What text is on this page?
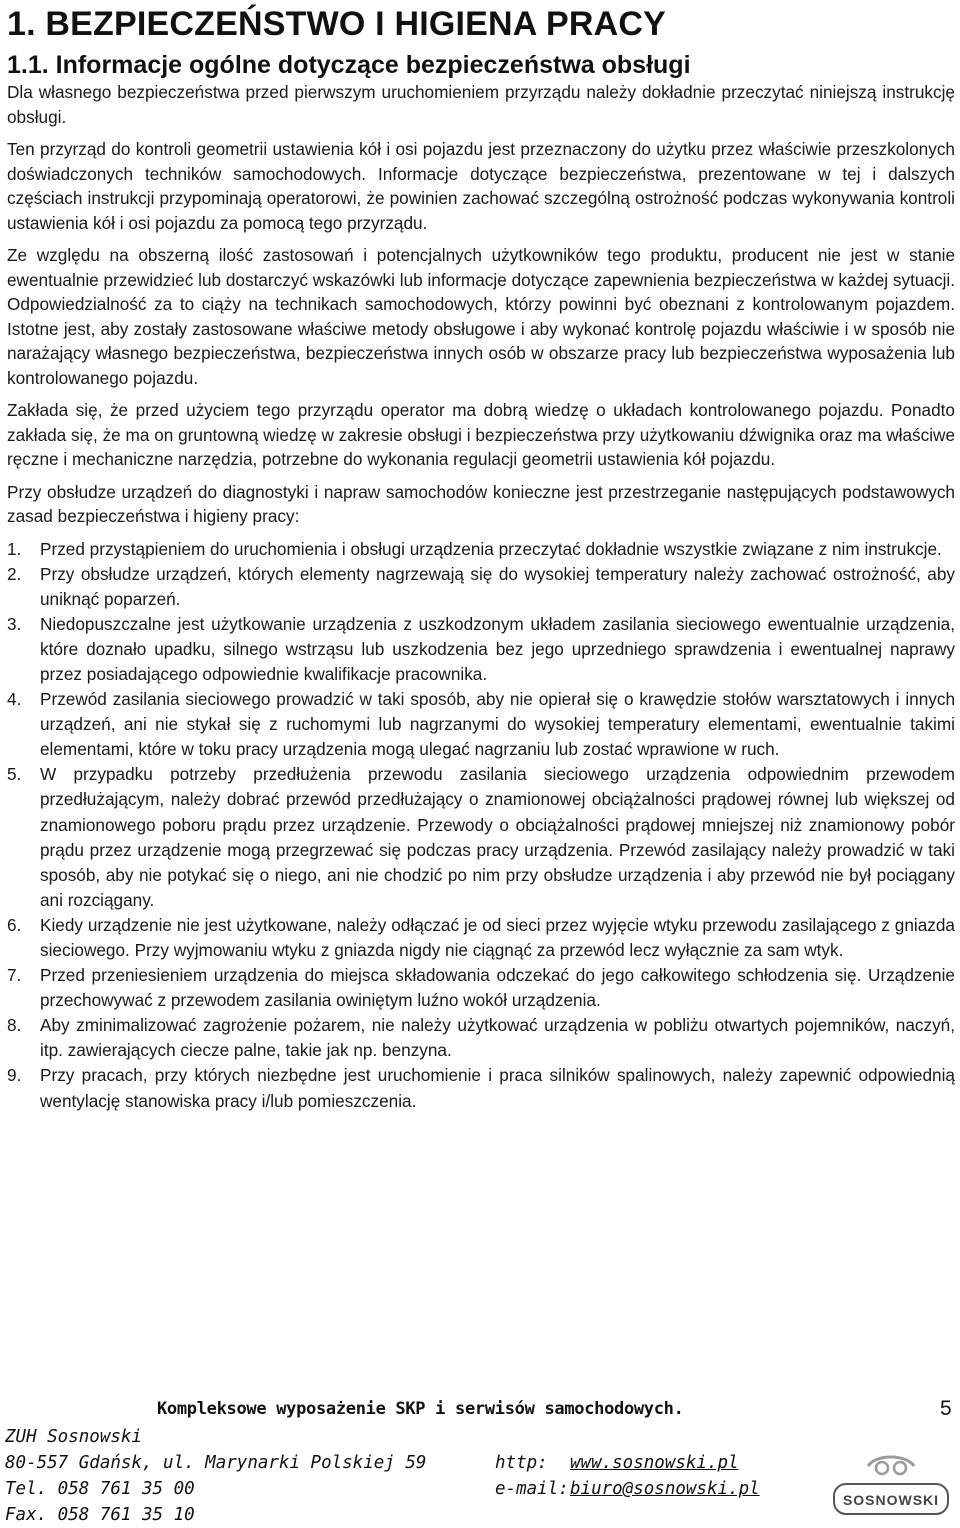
1. BEZPIECZEŃSTWO I HIGIENA PRACY
1.1. Informacje ogólne dotyczące bezpieczeństwa obsługi

Dla własnego bezpieczeństwa przed pierwszym uruchomieniem przyrządu należy dokładnie przeczytać niniejszą instrukcję obsługi.

Ten przyrząd do kontroli geometrii ustawienia kół i osi pojazdu jest przeznaczony do użytku przez właściwie przeszkolonych doświadczonych techników samochodowych. Informacje dotyczące bezpieczeństwa, prezentowane w tej i dalszych częściach instrukcji przypominają operatorowi, że powinien zachować szczególną ostrożność podczas wykonywania kontroli ustawienia kół i osi pojazdu za pomocą tego przyrządu.

Ze względu na obszerną ilość zastosowań i potencjalnych użytkowników tego produktu, producent nie jest w stanie ewentualnie przewidzieć lub dostarczyć wskazówki lub informacje dotyczące zapewnienia bezpieczeństwa w każdej sytuacji. Odpowiedzialność za to ciąży na technikach samochodowych, którzy powinni być obeznani z kontrolowanym pojazdem. Istotne jest, aby zostały zastosowane właściwe metody obsługowe i aby wykonać kontrolę pojazdu właściwie i w sposób nie narażający własnego bezpieczeństwa, bezpieczeństwa innych osób w obszarze pracy lub bezpieczeństwa wyposażenia lub kontrolowanego pojazdu.

Zakłada się, że przed użyciem tego przyrządu operator ma dobrą wiedzę o układach kontrolowanego pojazdu. Ponadto zakłada się, że ma on gruntowną wiedzę w zakresie obsługi i bezpieczeństwa przy użytkowaniu dźwignika oraz ma właściwe ręczne i mechaniczne narzędzia, potrzebne do wykonania regulacji geometrii ustawienia kół pojazdu.

Przy obsłudze urządzeń do diagnostyki i napraw samochodów konieczne jest przestrzeganie następujących podstawowych zasad bezpieczeństwa i higieny pracy:

1. Przed przystąpieniem do uruchomienia i obsługi urządzenia przeczytać dokładnie wszystkie związane z nim instrukcje.
2. Przy obsłudze urządzeń, których elementy nagrzewają się do wysokiej temperatury należy zachować ostrożność, aby uniknąć poparzeń.
3. Niedopuszczalne jest użytkowanie urządzenia z uszkodzonym układem zasilania sieciowego ewentualnie urządzenia, które doznało upadku, silnego wstrząsu lub uszkodzenia bez jego uprzedniego sprawdzenia i ewentualnej naprawy przez posiadającego odpowiednie kwalifikacje pracownika.
4. Przewód zasilania sieciowego prowadzić w taki sposób, aby nie opierał się o krawędzie stołów warsztatowych i innych urządzeń, ani nie stykał się z ruchomymi lub nagrzanymi do wysokiej temperatury elementami, ewentualnie takimi elementami, które w toku pracy urządzenia mogą ulegać nagrzaniu lub zostać wprawione w ruch.
5. W przypadku potrzeby przedłużenia przewodu zasilania sieciowego urządzenia odpowiednim przewodem przedłużającym, należy dobrać przewód przedłużający o znamionowej obciążalności prądowej równej lub większej od znamionowego poboru prądu przez urządzenie. Przewody o obciążalności prądowej mniejszej niż znamionowy pobór prądu przez urządzenie mogą przegrzewać się podczas pracy urządzenia. Przewód zasilający należy prowadzić w taki sposób, aby nie potykać się o niego, ani nie chodzić po nim przy obsłudze urządzenia i aby przewód nie był pociągany ani rozciągany.
6. Kiedy urządzenie nie jest użytkowane, należy odłączać je od sieci przez wyjęcie wtyku przewodu zasilającego z gniazda sieciowego. Przy wyjmowaniu wtyku z gniazda nigdy nie ciągnąć za przewód lecz wyłącznie za sam wtyk.
7. Przed przeniesieniem urządzenia do miejsca składowania odczekać do jego całkowitego schłodzenia się. Urządzenie przechowywać z przewodem zasilania owiniętym luźno wokół urządzenia.
8. Aby zminimalizować zagrożenie pożarem, nie należy użytkować urządzenia w pobliżu otwartych pojemników, naczyń, itp. zawierających ciecze palne, takie jak np. benzyna.
9. Przy pracach, przy których niezbędne jest uruchomienie i praca silników spalinowych, należy zapewnić odpowiednią wentylację stanowiska pracy i/lub pomieszczenia.
Kompleksowe wyposażenie SKP i serwisów samochodowych.	5
ZUH Sosnowski
80-557 Gdańsk, ul. Marynarki Polskiej 59	http: www.sosnowski.pl
Tel. 058 761 35 00	e-mail:biuro@sosnowski.pl
Fax. 058 761 35 10
SOSNOWSKI
